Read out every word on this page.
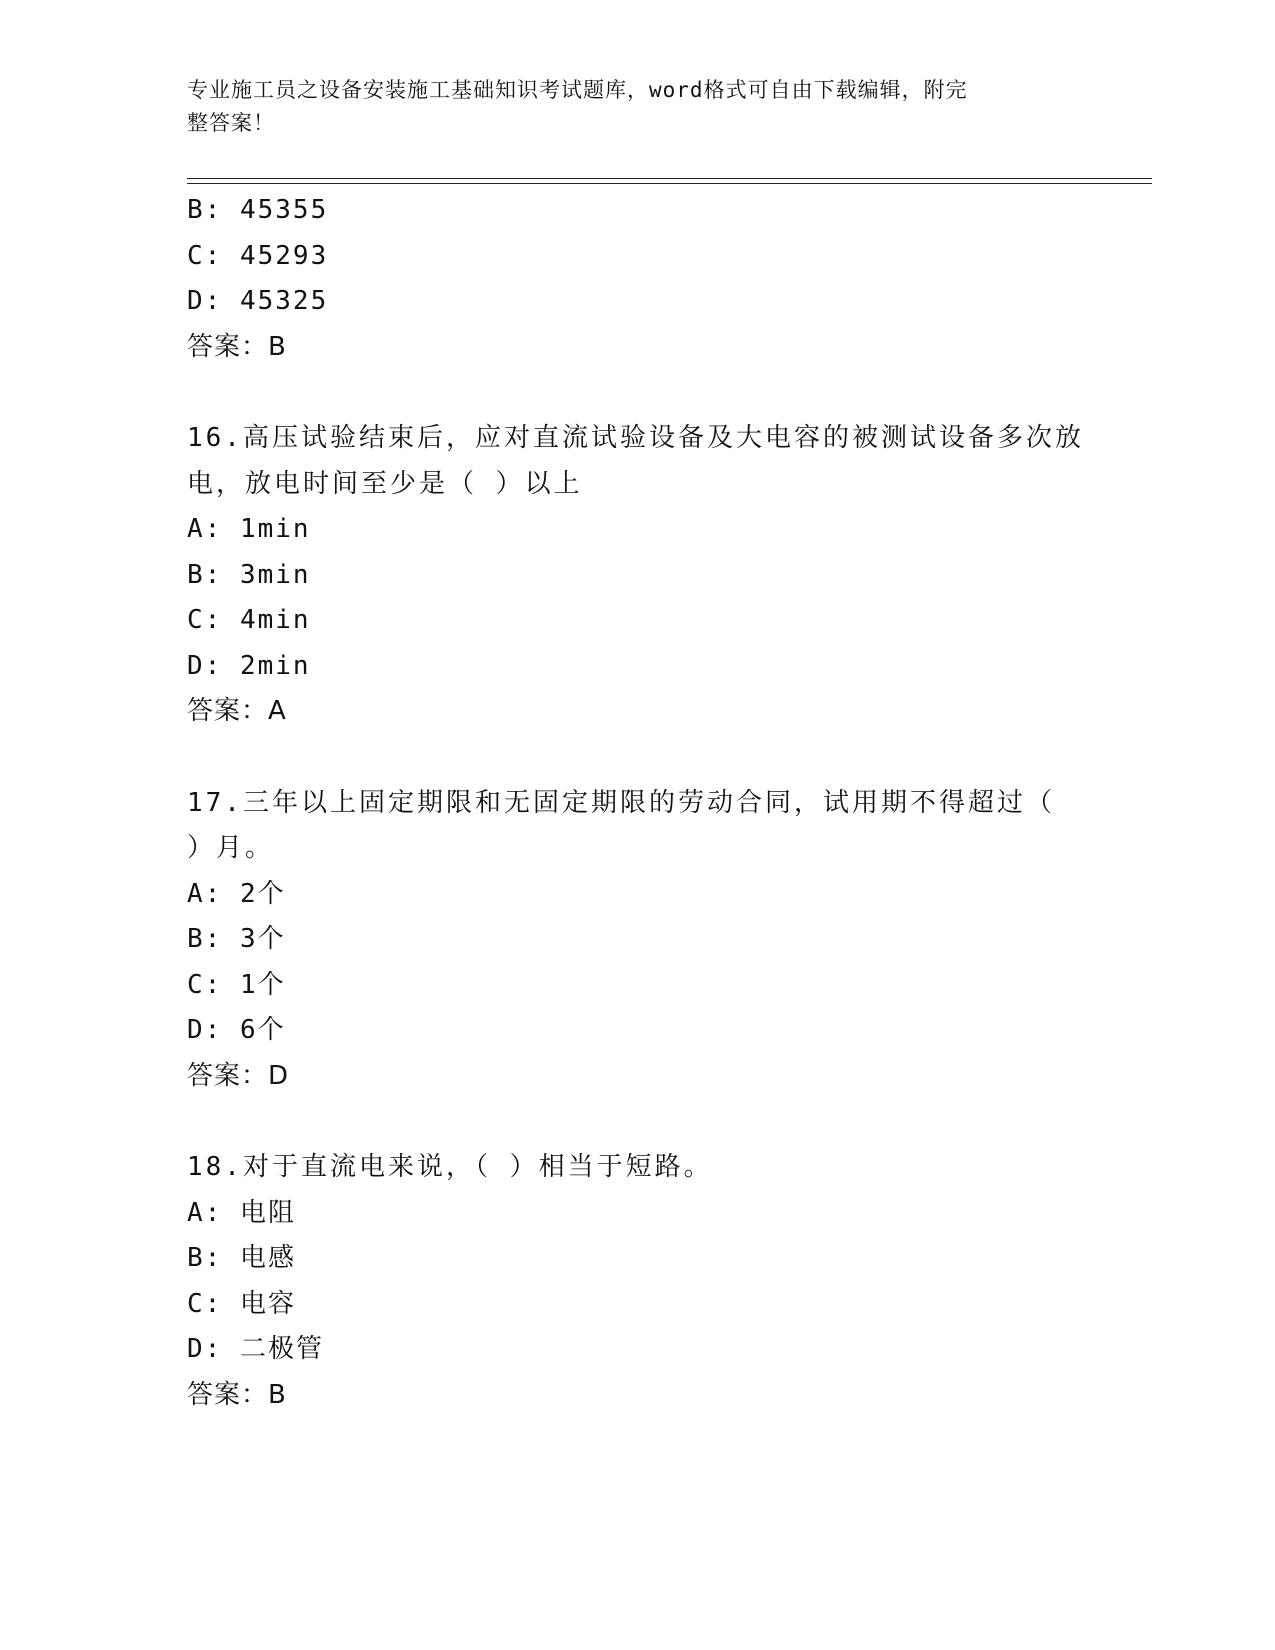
专业施工员之设备安装施工基础知识考试题库，word格式可自由下载编辑，附完
整答案！
B: 45355
C: 45293
D: 45325
答案：B
16.高压试验结束后，应对直流试验设备及大电容的被测试设备多次放
电，放电时间至少是（ ）以上
A: 1min
B: 3min
C: 4min
D: 2min
答案：A
17.三年以上固定期限和无固定期限的劳动合同，试用期不得超过（
）月。
A: 2个
B: 3个
C: 1个
D: 6个
答案：D
18.对于直流电来说，（ ）相当于短路。
A: 电阻
B: 电感
C: 电容
D: 二极管
答案：B
